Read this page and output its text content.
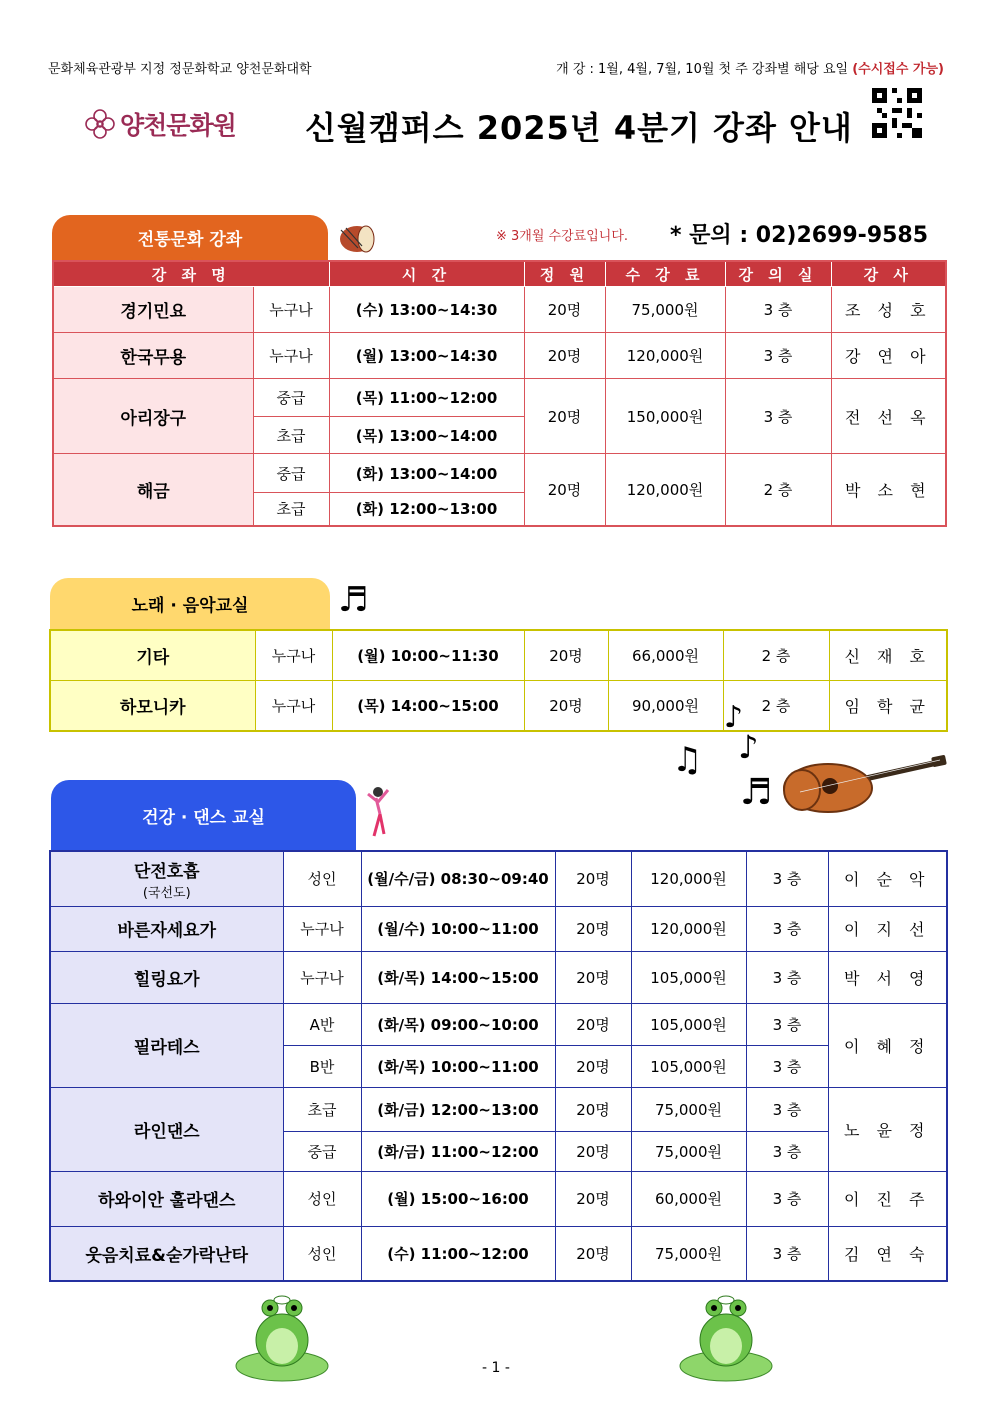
문화체육관광부 지정 정문화학교 양천문화대학	개 강 : 1월, 4월, 7월, 10월 첫 주 강좌별 해당 요일 (수시접수 가능)
양천문화원 신월캠퍼스 2025년 4분기 강좌 안내
전통문화 강좌	※ 3개월 수강료입니다. * 문의 : 02)2699-9585
강 좌 명		시 간	정 원	수 강 료	강 의 실	강 사
경기민요	누구나	(수) 13:00~14:30	20명	75,000원	3 층	조 성 호
한국무용	누구나	(월) 13:00~14:30	20명	120,000원	3 층	강 연 아
아리장구	중급	(목) 11:00~12:00	20명	150,000원	3 층	전 선 옥
	초급	(목) 13:00~14:00				
해금	중급	(화) 13:00~14:00	20명	120,000원	2 층	박 소 현
	초급	(화) 12:00~13:00				
노래 · 음악교실	♬
기타	누구나	(월) 10:00~11:30	20명	66,000원	2 층	신 재 호
하모니카	누구나	(목) 14:00~15:00	20명	90,000원	2 층	임 학 균
♪
♫ ♪
♬
건강 · 댄스 교실
단전호흡
(국선도)	성인	(월/수/금) 08:30~09:40	20명	120,000원	3 층	이 순 악
바른자세요가	누구나	(월/수) 10:00~11:00	20명	120,000원	3 층	이 지 선
힐링요가	누구나	(화/목) 14:00~15:00	20명	105,000원	3 층	박 서 영
필라테스	A반	(화/목) 09:00~10:00	20명	105,000원	3 층	이 혜 정
	B반	(화/목) 10:00~11:00	20명	105,000원	3 층	
라인댄스	초급	(화/금) 12:00~13:00	20명	75,000원	3 층	노 윤 정
	중급	(화/금) 11:00~12:00	20명	75,000원	3 층	
하와이안 훌라댄스	성인	(월) 15:00~16:00	20명	60,000원	3 층	이 진 주
웃음치료&숟가락난타	성인	(수) 11:00~12:00	20명	75,000원	3 층	김 연 숙
- 1 -
